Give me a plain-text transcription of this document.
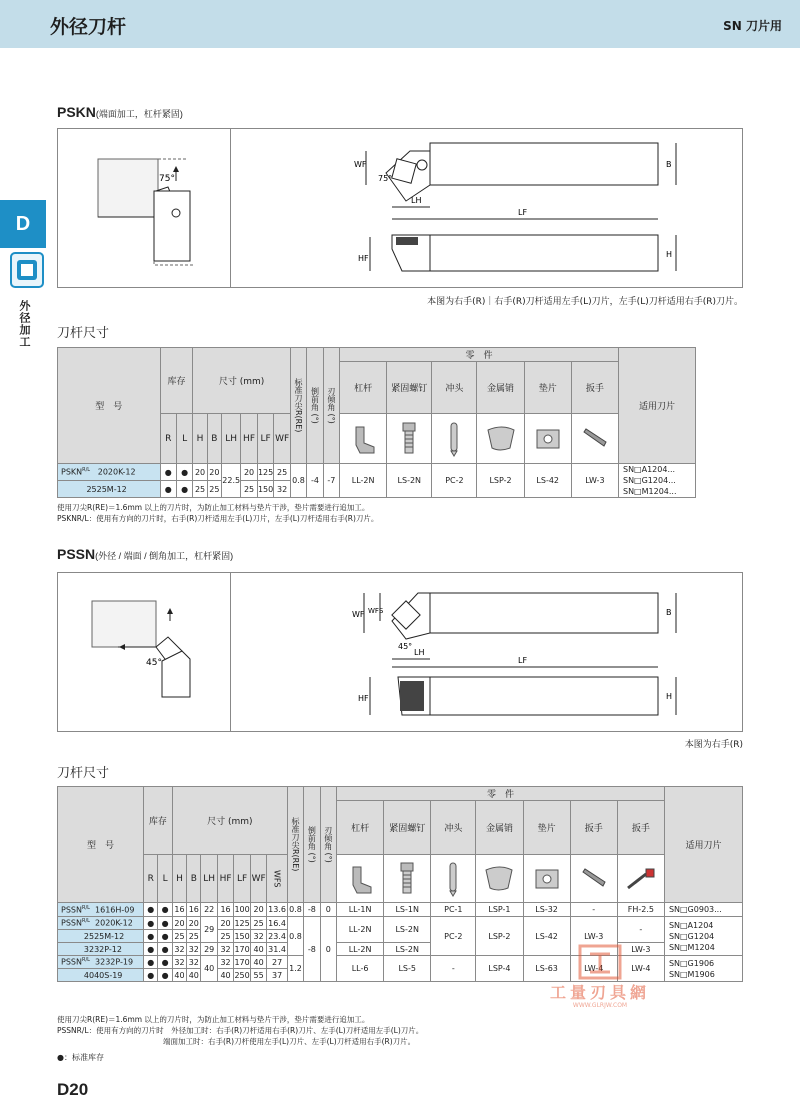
外径刀杆	SN 刀片用
D
外径加工
PSKN(端面加工，杠杆紧固)
75°	75°
WF
LH
LF
B
HF	H
本图为右手(R)｜右手(R)刀杆适用左手(L)刀片，左手(L)刀杆适用右手(R)刀片。
刀杆尺寸
型　号	库存		尺寸 (mm)						标准刀尖R(RE)	倒前角 (°)	刃倾角 (°)	零　件						适用刀片
												杠杆	紧固螺钉	冲头	金属销	垫片	扳手	
	R	L	H	B	LH	HF	LF	WF	

$PSKN^{R/L}$ 2020K-12	●	●	20	20	22.5	20	125	25	0.8	-4	-7	LL-2N	LS-2N	PC-2	LSP-2	LS-42	LW-3	SN□A1204...
SN□G1204...
SN□M1204...

2525M-12	●	●	25	25		25	150	32										
使用刀尖R(RE)＝1.6mm 以上的刀片时，为防止加工材料与垫片干涉，垫片需要进行追加工。
PSKNR/L：使用有方向的刀片时，右手(R)刀杆适用左手(L)刀片，左手(L)刀杆适用右手(R)刀片。
PSSN(外径 / 端面 / 倒角加工，杠杆紧固)
45°
WF WFS
45°
LH
LF
B
HF	H
本图为右手(R)
刀杆尺寸
型　号	库存		尺寸 (mm)							标准刀尖R(RE)	倒前角 (°)	刃倾角 (°)	零　件							适用刀片
													杠杆	紧固螺钉	冲头	金属销	垫片	扳手	扳手	
	R	L	H	B	LH	HF	LF	WF	WFS

$PSSN^{R/L}$ 1616H-09	●	●	16	16	22	16	100	20	13.6	0.8	-8	0	LL-1N	LS-1N	PC-1	LSP-1	LS-32	-	FH-2.5	SN□G0903...
$PSSN^{R/L}$ 2020K-12	●	●	20	20	29	20	125	25	16.4	0.8	-8	0	LL-2N	LS-2N	PC-2	LSP-2	LS-42	LW-3	-	SN□A1204
SN□G1204
SN□M1204

2525M-12	●	●	25	25		25	150	32	23.4											
3232P-12	●	●	32	32	29	32	170	40	31.4				LL-2N	LS-2N					LW-3	
$PSSN^{R/L}$ 3232P-19	●	●	32	32	40	32	170	40	27	1.2			LL-6	LS-5	-	LSP-4	LS-63	LW-4	LW-4	SN□G1906
SN□M1906

4040S-19	●	●	40	40		40	250	55	37											
使用刀尖R(RE)＝1.6mm 以上的刀片时，为防止加工材料与垫片干涉，垫片需要进行追加工。
PSSNR/L：使用有方向的刀片时　外径加工时：右手(R)刀杆适用右手(R)刀片、左手(L)刀杆适用左手(L)刀片。
端面加工时：右手(R)刀杆使用左手(L)刀片、左手(L)刀杆适用右手(R)刀片。
●：标准库存
D20
工量刃具網
WWW.GLRJW.COM
